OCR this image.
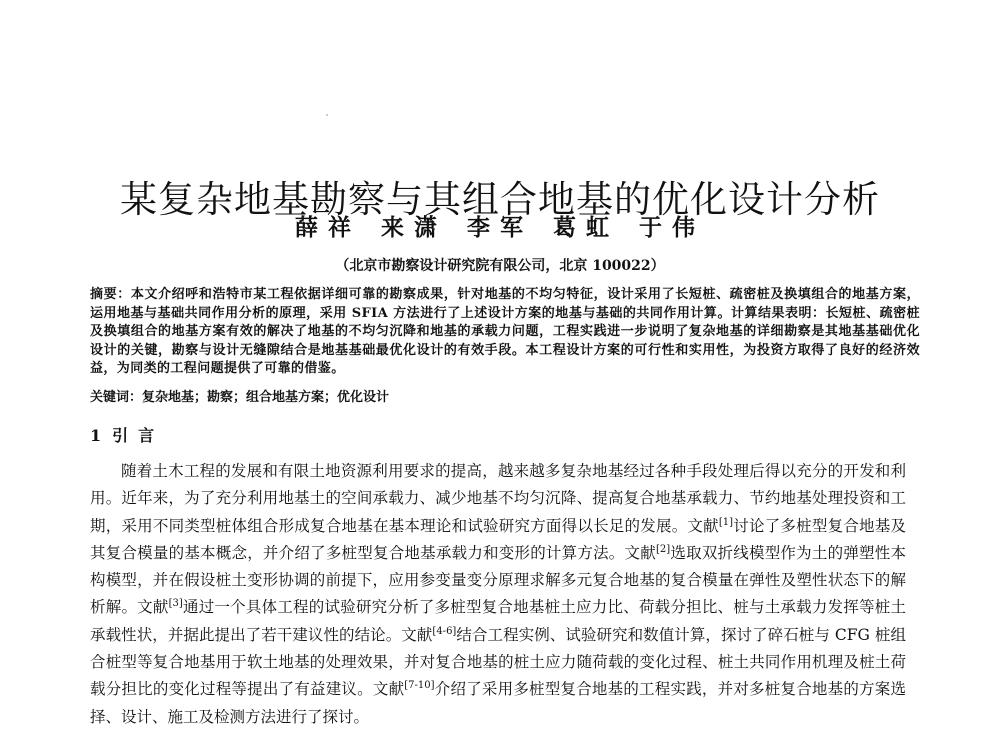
某复杂地基勘察与其组合地基的优化设计分析
薛祥 来潇 李军 葛虹 于伟
（北京市勘察设计研究院有限公司，北京 100022）
摘要：本文介绍呼和浩特市某工程依据详细可靠的勘察成果，针对地基的不均匀特征，设计采用了长短桩、疏密桩及换填组合的地基方案，运用地基与基础共同作用分析的原理，采用 SFIA 方法进行了上述设计方案的地基与基础的共同作用计算。计算结果表明：长短桩、疏密桩及换填组合的地基方案有效的解决了地基的不均匀沉降和地基的承载力问题，工程实践进一步说明了复杂地基的详细勘察是其地基基础优化设计的关键，勘察与设计无缝隙结合是地基基础最优化设计的有效手段。本工程设计方案的可行性和实用性，为投资方取得了良好的经济效益，为同类的工程问题提供了可靠的借鉴。
关键词：复杂地基；勘察；组合地基方案；优化设计
1 引言

随着土木工程的发展和有限土地资源利用要求的提高，越来越多复杂地基经过各种手段处理后得以充分的开发和利用。近年来，为了充分利用地基土的空间承载力、减少地基不均匀沉降、提高复合地基承载力、节约地基处理投资和工期，采用不同类型桩体组合形成复合地基在基本理论和试验研究方面得以长足的发展。文献[1]讨论了多桩型复合地基及其复合模量的基本概念，并介绍了多桩型复合地基承载力和变形的计算方法。文献[2]选取双折线模型作为土的弹塑性本构模型，并在假设桩土变形协调的前提下，应用参变量变分原理求解多元复合地基的复合模量在弹性及塑性状态下的解析解。文献[3]通过一个具体工程的试验研究分析了多桩型复合地基桩土应力比、荷载分担比、桩与土承载力发挥等桩土承载性状，并据此提出了若干建议性的结论。文献[4-6]结合工程实例、试验研究和数值计算，探讨了碎石桩与 CFG 桩组合桩型等复合地基用于软土地基的处理效果，并对复合地基的桩土应力随荷载的变化过程、桩土共同作用机理及桩土荷载分担比的变化过程等提出了有益建议。文献[7-10]介绍了采用多桩型复合地基的工程实践，并对多桩复合地基的方案选择、设计、施工及检测方法进行了探讨。
